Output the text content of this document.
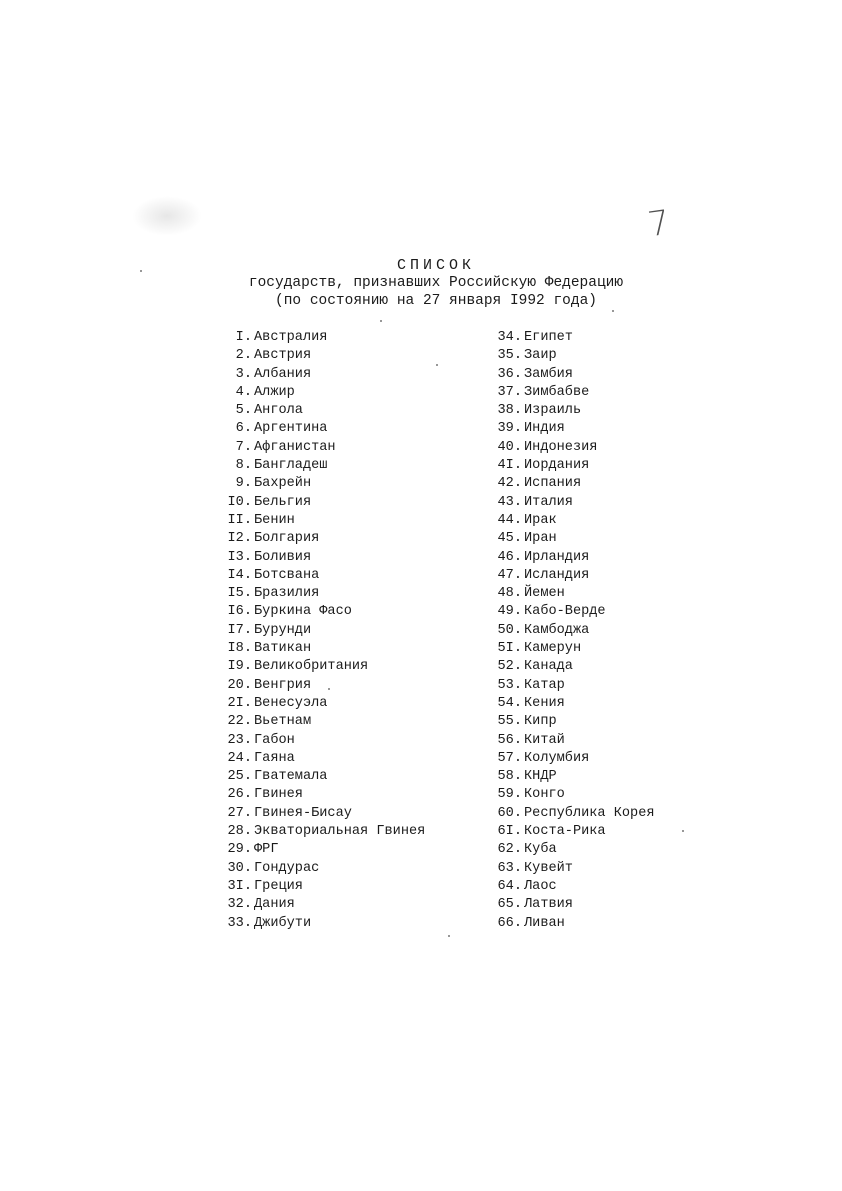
7
СПИСОК
государств, признавших Российскую Федерацию
(по состоянию на 27 января I992 года)
I. Австралия
2. Австрия
3. Албания
4. Алжир
5. Ангола
6. Аргентина
7. Афганистан
8. Бангладеш
9. Бахрейн
I0. Бельгия
II. Бенин
I2. Болгария
I3. Боливия
I4. Ботсвана
I5. Бразилия
I6. Буркина Фасо
I7. Бурунди
I8. Ватикан
I9. Великобритания
20. Венгрия
2I. Венесуэла
22. Вьетнам
23. Габон
24. Гаяна
25. Гватемала
26. Гвинея
27. Гвинея-Бисау
28. Экваториальная Гвинея
29. ФРГ
30. Гондурас
3I. Греция
32. Дания
33. Джибути
34. Египет
35. Заир
36. Замбия
37. Зимбабве
38. Израиль
39. Индия
40. Индонезия
4I. Иордания
42. Испания
43. Италия
44. Ирак
45. Иран
46. Ирландия
47. Исландия
48. Йемен
49. Кабо-Верде
50. Камбоджа
5I. Камерун
52. Канада
53. Катар
54. Кения
55. Кипр
56. Китай
57. Колумбия
58. КНДР
59. Конго
60. Республика Корея
6I. Коста-Рика
62. Куба
63. Кувейт
64. Лаос
65. Латвия
66. Ливан
